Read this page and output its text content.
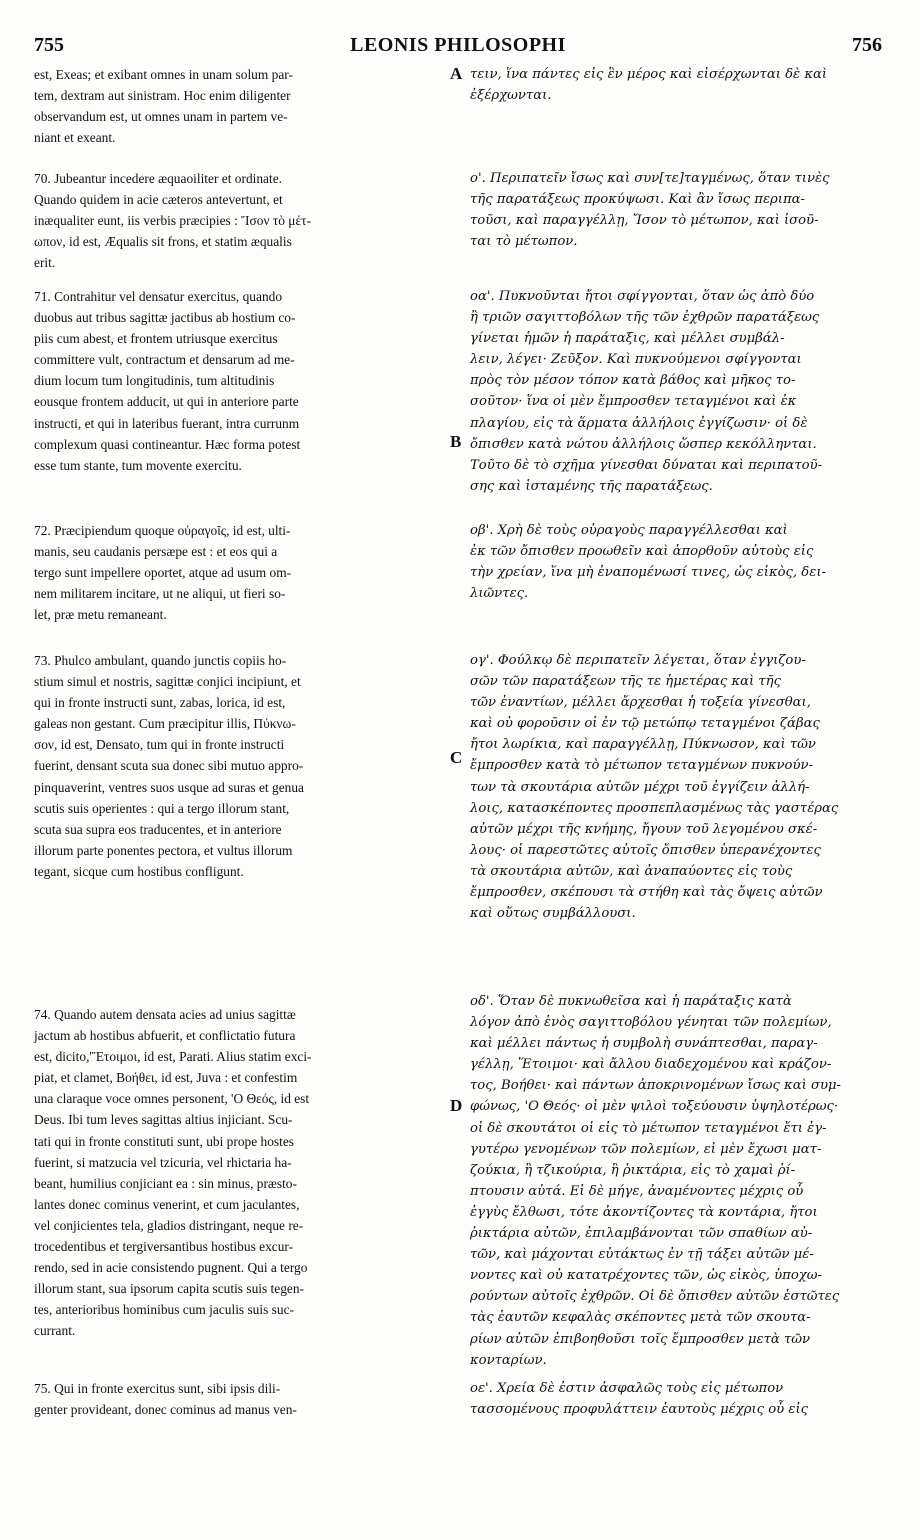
755	LEONIS PHILOSOPHI	756
est, Exeas; et exibant omnes in unam solum par-
tem, dextram aut sinistram. Hoc enim diligenter
observandum est, ut omnes unam in partem ve-
niant et exeant.
70. Jubeantur incedere æquaoiliter et ordinate.
Quando quidem in acie cæteros antevertunt, et
inæqualiter eunt, iis verbis præcipies : Ἴσον τὸ μέτ-
ωπον, id est, Æqualis sit frons, et statim æqualis
erit.
71. Contrahitur vel densatur exercitus, quando
duobus aut tribus sagittæ jactibus ab hostium co-
piis cum abest, et frontem utriusque exercitus
committere vult, contractum et densarum ad me-
dium locum tum longitudinis, tum altitudinis
eousque frontem adducit, ut qui in anteriore parte
instructi, et qui in lateribus fuerant, intra currunm
complexum quasi contineantur. Hæc forma potest
esse tum stante, tum movente exercitu.
72. Præcipiendum quoque οὐραγοῖς, id est, ulti-
manis, seu caudanis persæpe est : et eos qui a
tergo sunt impellere oportet, atque ad usum om-
nem militarem incitare, ut ne aliqui, ut fieri so-
let, præ metu remaneant.
73. Phulco ambulant, quando junctis copiis ho-
stium simul et nostris, sagittæ conjici incipiunt, et
qui in fronte instructi sunt, zabas, lorica, id est,
galeas non gestant. Cum præcipitur illis, Πύκνω-
σον, id est, Densato, tum qui in fronte instructi
fuerint, densant scuta sua donec sibi mutuo appro-
pinquaverint, ventres suos usque ad suras et genua
scutis suis operientes : qui a tergo illorum stant,
scuta sua supra eos traducentes, et in anteriore
illorum parte ponentes pectora, et vultus illorum
tegant, sicque cum hostibus confligunt.
74. Quando autem densata acies ad unius sagittæ
jactum ab hostibus abfuerit, et conflictatio futura
est, dicito,'Ἕτοιμοι, id est, Parati. Alius statim exci-
piat, et clamet, Βοήθει, id est, Juva : et confestim
una claraque voce omnes personent, 'Ο Θεός, id est
Deus. Ibi tum leves sagittas altius injiciant. Scu-
tati qui in fronte constituti sunt, ubi prope hostes
fuerint, si matzucia vel tzicuria, vel rhictaria ha-
beant, humilius conjiciant ea : sin minus, præsto-
lantes donec cominus venerint, et cum jaculantes,
vel conjicientes tela, gladios distringant, neque re-
trocedentibus et tergiversantibus hostibus excur-
rendo, sed in acie consistendo pugnent. Qui a tergo
illorum stant, sua ipsorum capita scutis suis tegen-
tes, anterioribus hominibus cum jaculis suis suc-
currant.
75. Qui in fronte exercitus sunt, sibi ipsis dili-
genter provideant, donec cominus ad manus ven-
A
B
C
D
τειν, ἵνα πάντες εἰς ἓν μέρος καὶ εἰσέρχωνται δὲ καὶ
ἐξέρχωνται.
ο'. Περιπατεῖν ἴσως καὶ συν[τε]ταγμένως, ὅταν τινὲς
τῆς παρατάξεως προκύψωσι. Καὶ ἂν ἴσως περιπα-
τοῦσι, καὶ παραγγέλλῃ, Ἴσον τὸ μέτωπον, καὶ ἰσοῦ-
ται τὸ μέτωπον.
οα'. Πυκνοῦνται ἤτοι σφίγγονται, ὅταν ὡς ἀπὸ δύο
ἢ τριῶν σαγιττοβόλων τῆς τῶν ἐχθρῶν παρατάξεως
γίνεται ἡμῶν ἡ παράταξις, καὶ μέλλει συμβάλ-
λειν, λέγει· Ζεῦξον. Καὶ πυκνούμενοι σφίγγονται
πρὸς τὸν μέσον τόπον κατὰ βάθος καὶ μῆκος το-
σοῦτον· ἵνα οἱ μὲν ἔμπροσθεν τεταγμένοι καὶ ἐκ
πλαγίου, εἰς τὰ ἅρματα ἀλλήλοις ἐγγίζωσιν· οἱ δὲ
ὄπισθεν κατὰ νώτου ἀλλήλοις ὥσπερ κεκόλληνται.
Τοῦτο δὲ τὸ σχῆμα γίνεσθαι δύναται καὶ περιπατοῦ-
σης καὶ ἱσταμένης τῆς παρατάξεως.
οβ'. Χρὴ δὲ τοὺς οὐραγοὺς παραγγέλλεσθαι καὶ
ἐκ τῶν ὄπισθεν προωθεῖν καὶ ἀπορθοῦν αὐτοὺς εἰς
τὴν χρείαν, ἵνα μὴ ἐναπομένωσί τινες, ὡς εἰκὸς, δει-
λιῶντες.
ογ'. Φούλκῳ δὲ περιπατεῖν λέγεται, ὅταν ἐγγιζου-
σῶν τῶν παρατάξεων τῆς τε ἡμετέρας καὶ τῆς
τῶν ἐναντίων, μέλλει ἄρχεσθαι ἡ τοξεία γίνεσθαι,
καὶ οὐ φοροῦσιν οἱ ἐν τῷ μετώπῳ τεταγμένοι ζάβας
ἤτοι λωρίκια, καὶ παραγγέλλῃ, Πύκνωσον, καὶ τῶν
ἔμπροσθεν κατὰ τὸ μέτωπον τεταγμένων πυκνούν-
των τὰ σκουτάρια αὐτῶν μέχρι τοῦ ἐγγίζειν ἀλλή-
λοις, κατασκέποντες προσπεπλασμένως τὰς γαστέρας
αὐτῶν μέχρι τῆς κνήμης, ἤγουν τοῦ λεγομένου σκέ-
λους· οἱ παρεστῶτες αὐτοῖς ὄπισθεν ὑπερανέχοντες
τὰ σκουτάρια αὐτῶν, καὶ ἀναπαύοντες εἰς τοὺς
ἔμπροσθεν, σκέπουσι τὰ στήθη καὶ τὰς ὄψεις αὐτῶν
καὶ οὕτως συμβάλλουσι.
οδ'. Ὅταν δὲ πυκνωθεῖσα καὶ ἡ παράταξις κατὰ
λόγον ἀπὸ ἑνὸς σαγιττοβόλου γένηται τῶν πολεμίων,
καὶ μέλλει πάντως ἡ συμβολὴ συνάπτεσθαι, παραγ-
γέλλῃ, Ἕτοιμοι· καὶ ἄλλου διαδεχομένου καὶ κράζον-
τος, Βοήθει· καὶ πάντων ἀποκρινομένων ἴσως καὶ συμ-
φώνως, 'Ο Θεός· οἱ μὲν ψιλοὶ τοξεύουσιν ὑψηλοτέρως·
οἱ δὲ σκουτάτοι οἱ εἰς τὸ μέτωπον τεταγμένοι ἔτι ἐγ-
γυτέρω γενομένων τῶν πολεμίων, εἰ μὲν ἔχωσι ματ-
ζούκια, ἢ τζικούρια, ἢ ῥικτάρια, εἰς τὸ χαμαὶ ῥί-
πτουσιν αὐτά. Εἰ δὲ μήγε, ἀναμένοντες μέχρις οὗ
ἐγγὺς ἔλθωσι, τότε ἀκοντίζοντες τὰ κοντάρια, ἤτοι
ῥικτάρια αὐτῶν, ἐπιλαμβάνονται τῶν σπαθίων αὐ-
τῶν, καὶ μάχονται εὐτάκτως ἐν τῇ τάξει αὐτῶν μέ-
νοντες καὶ οὐ κατατρέχοντες τῶν, ὡς εἰκὸς, ὑποχω-
ρούντων αὐτοῖς ἐχθρῶν. Οἱ δὲ ὄπισθεν αὐτῶν ἑστῶτες
τὰς ἑαυτῶν κεφαλὰς σκέποντες μετὰ τῶν σκουτα-
ρίων αὐτῶν ἐπιβοηθοῦσι τοῖς ἔμπροσθεν μετὰ τῶν
κονταρίων.
οε'. Χρεία δὲ ἐστιν ἀσφαλῶς τοὺς εἰς μέτωπον
τασσομένους προφυλάττειν ἑαυτοὺς μέχρις οὗ εἰς
